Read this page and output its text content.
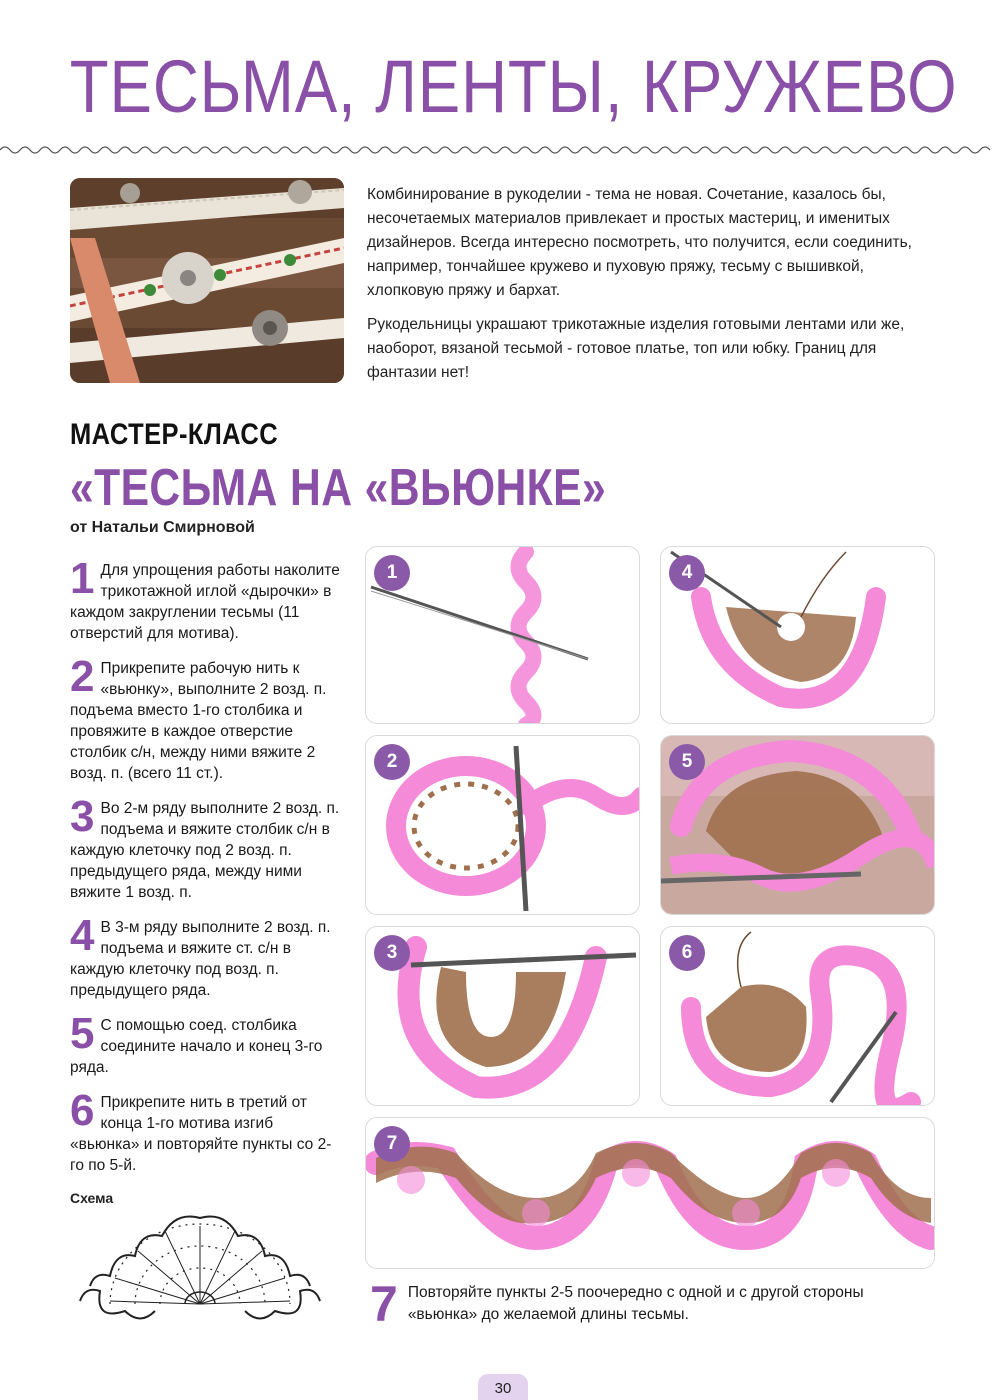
ТЕСЬМА, ЛЕНТЫ, КРУЖЕВО

Комбинирование в рукоделии - тема не новая. Сочетание, казалось бы, несочетаемых материалов привлекает и простых мастериц, и именитых дизайнеров. Всегда интересно посмотреть, что получится, если соединить, например, тончайшее кружево и пуховую пряжу, тесьму с вышивкой, хлопковую пряжу и бархат.

Рукодельницы украшают трикотажные изделия готовыми лентами или же, наоборот, вязаной тесьмой - готовое платье, топ или юбку. Границ для фантазии нет!

МАСТЕР-КЛАСС
«ТЕСЬМА НА «ВЬЮНКЕ»
от Натальи Смирновой
1 Для упрощения работы наколите трикотажной иглой «дырочки» в каждом закруглении тесьмы (11 отверстий для мотива).
2 Прикрепите рабочую нить к «вьюнку», выполните 2 возд. п. подъема вместо 1-го столбика и провяжите в каждое отверстие столбик с/н, между ними вяжите 2 возд. п. (всего 11 ст.).
3 Во 2-м ряду выполните 2 возд. п. подъема и вяжите столбик с/н в каждую клеточку под 2 возд. п. предыдущего ряда, между ними вяжите 1 возд. п.
4 В 3-м ряду выполните 2 возд. п. подъема и вяжите ст. с/н в каждую клеточку под возд. п. предыдущего ряда.
5 С помощью соед. столбика соедините начало и конец 3-го ряда.
6 Прикрепите нить в третий от конца 1-го мотива изгиб «вьюнка» и повторяйте пункты со 2-го по 5-й.
1	4
2	5
3	6
7
7 Повторяйте пункты 2-5 поочередно с одной и с другой стороны «вьюнка» до желаемой длины тесьмы.
Схема
30
